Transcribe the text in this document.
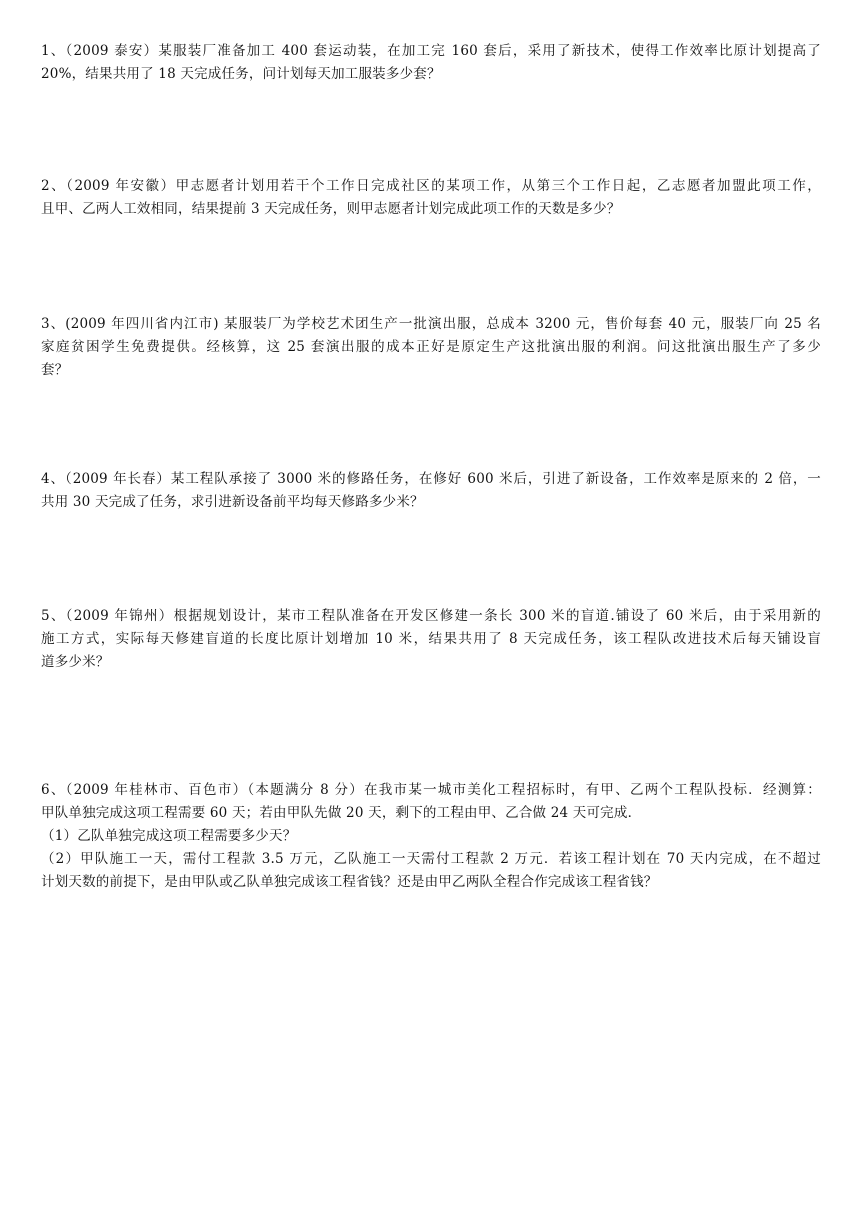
1、（2009 泰安）某服装厂准备加工 400 套运动装，在加工完 160 套后，采用了新技术，使得工作效率比原计划提高了
20%，结果共用了 18 天完成任务，问计划每天加工服装多少套？
2、（2009 年安徽）甲志愿者计划用若干个工作日完成社区的某项工作，从第三个工作日起，乙志愿者加盟此项工作，
且甲、乙两人工效相同，结果提前 3 天完成任务，则甲志愿者计划完成此项工作的天数是多少？
3、(2009 年四川省内江市) 某服装厂为学校艺术团生产一批演出服，总成本 3200 元，售价每套 40 元，服装厂向 25 名
家庭贫困学生免费提供。经核算，这 25 套演出服的成本正好是原定生产这批演出服的利润。问这批演出服生产了多少
套？
4、（2009 年长春）某工程队承接了 3000 米的修路任务，在修好 600 米后，引进了新设备，工作效率是原来的 2 倍，一
共用 30 天完成了任务，求引进新设备前平均每天修路多少米？
5、（2009 年锦州）根据规划设计，某市工程队准备在开发区修建一条长 300 米的盲道.铺设了 60 米后，由于采用新的
施工方式，实际每天修建盲道的长度比原计划增加 10 米，结果共用了 8 天完成任务，该工程队改进技术后每天铺设盲
道多少米？
6、（2009 年桂林市、百色市）（本题满分 8 分）在我市某一城市美化工程招标时，有甲、乙两个工程队投标．经测算：
甲队单独完成这项工程需要 60 天；若由甲队先做 20 天，剩下的工程由甲、乙合做 24 天可完成．
（1）乙队单独完成这项工程需要多少天？
（2）甲队施工一天，需付工程款 3.5 万元，乙队施工一天需付工程款 2 万元．若该工程计划在 70 天内完成，在不超过
计划天数的前提下，是由甲队或乙队单独完成该工程省钱？还是由甲乙两队全程合作完成该工程省钱？
